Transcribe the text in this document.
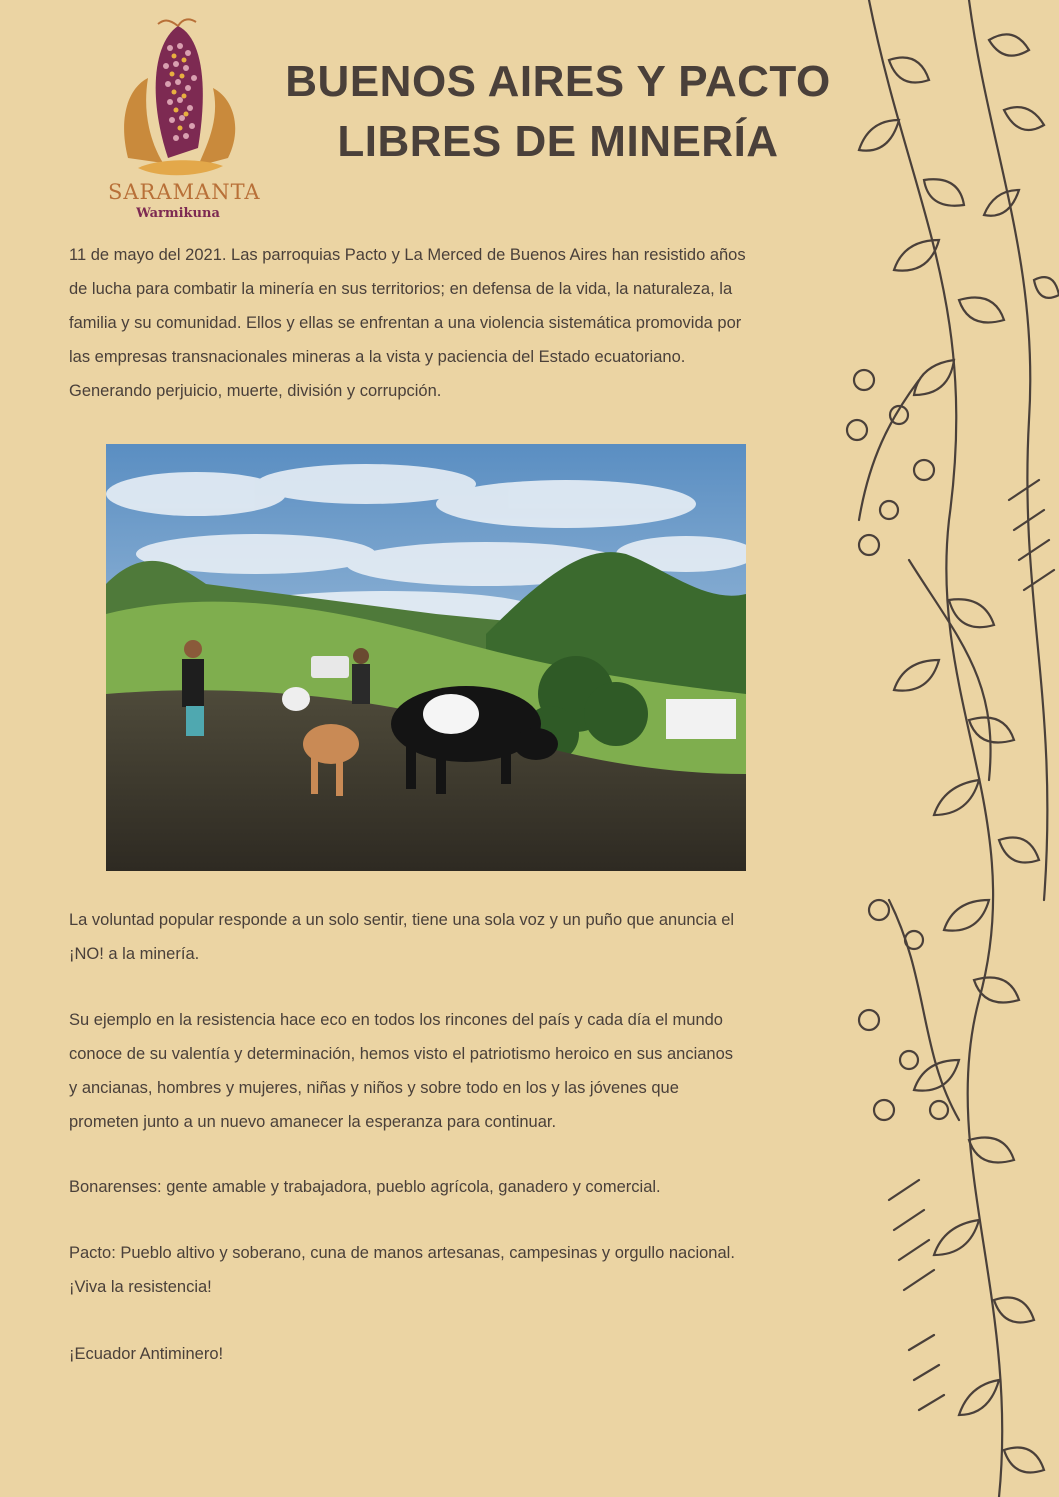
SARAMANTA
Warmikuna
BUENOS AIRES Y PACTO
LIBRES DE MINERÍA

11 de mayo del 2021. Las parroquias Pacto y La Merced de Buenos Aires han resistido años
de lucha para combatir la minería en sus territorios; en defensa de la vida, la naturaleza, la
familia y su comunidad. Ellos y ellas se enfrentan a una violencia sistemática promovida por
las empresas transnacionales mineras a la vista y paciencia del Estado ecuatoriano.
Generando perjuicio, muerte, división y corrupción.

La voluntad popular responde a un solo sentir, tiene una sola voz y un puño que anuncia el
¡NO! a la minería.

Su ejemplo en la resistencia hace eco en todos los rincones del país y cada día el mundo
conoce de su valentía y determinación, hemos visto el patriotismo heroico en sus ancianos
y ancianas, hombres y mujeres, niñas y niños y sobre todo en los y las jóvenes que
prometen junto a un nuevo amanecer la esperanza para continuar.

Bonarenses: gente amable y trabajadora, pueblo agrícola, ganadero y comercial.

Pacto: Pueblo altivo y soberano, cuna de manos artesanas, campesinas y orgullo nacional.
¡Viva la resistencia!

¡Ecuador Antiminero!
